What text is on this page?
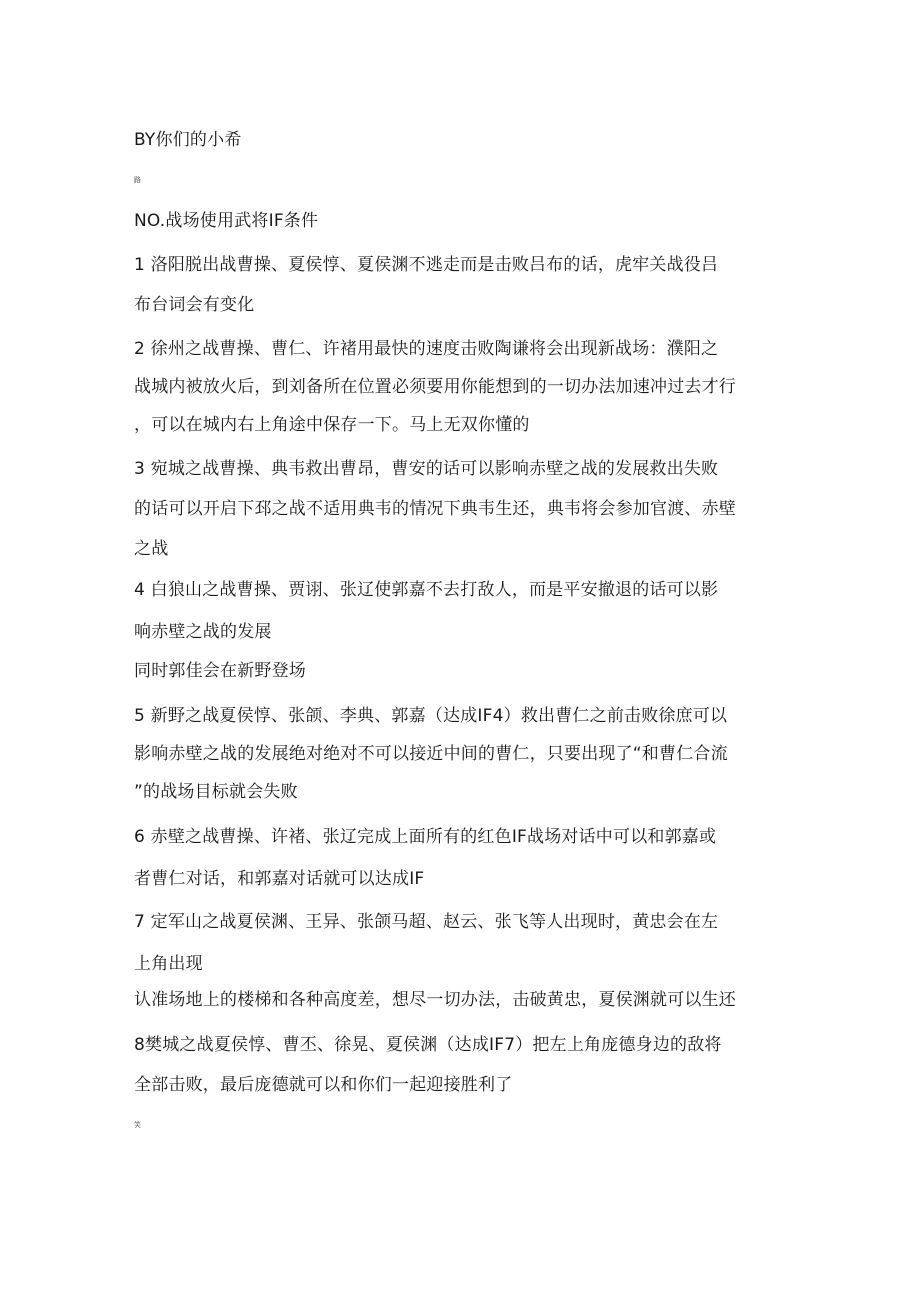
BY你们的小希
路
NO.战场使用武将IF条件
1 洛阳脱出战曹操、夏侯惇、夏侯渊不逃走而是击败吕布的话，虎牢关战役吕
布台词会有变化
2 徐州之战曹操、曹仁、许褚用最快的速度击败陶谦将会出现新战场：濮阳之
战城内被放火后，到刘备所在位置必须要用你能想到的一切办法加速冲过去才行
，可以在城内右上角途中保存一下。马上无双你懂的
3 宛城之战曹操、典韦救出曹昂，曹安的话可以影响赤壁之战的发展救出失败
的话可以开启下邳之战不适用典韦的情况下典韦生还，典韦将会参加官渡、赤壁
之战
4 白狼山之战曹操、贾诩、张辽使郭嘉不去打敌人，而是平安撤退的话可以影
响赤壁之战的发展
同时郭佳会在新野登场
5 新野之战夏侯惇、张颌、李典、郭嘉（达成IF4）救出曹仁之前击败徐庶可以
影响赤壁之战的发展绝对绝对不可以接近中间的曹仁，只要出现了“和曹仁合流
”的战场目标就会失败
6 赤壁之战曹操、许褚、张辽完成上面所有的红色IF战场对话中可以和郭嘉或
者曹仁对话，和郭嘉对话就可以达成IF
7 定军山之战夏侯渊、王异、张颌马超、赵云、张飞等人出现时，黄忠会在左
上角出现
认准场地上的楼梯和各种高度差，想尽一切办法，击破黄忠，夏侯渊就可以生还
8樊城之战夏侯惇、曹丕、徐晃、夏侯渊（达成IF7）把左上角庞德身边的敌将
全部击败，最后庞德就可以和你们一起迎接胜利了
笑
